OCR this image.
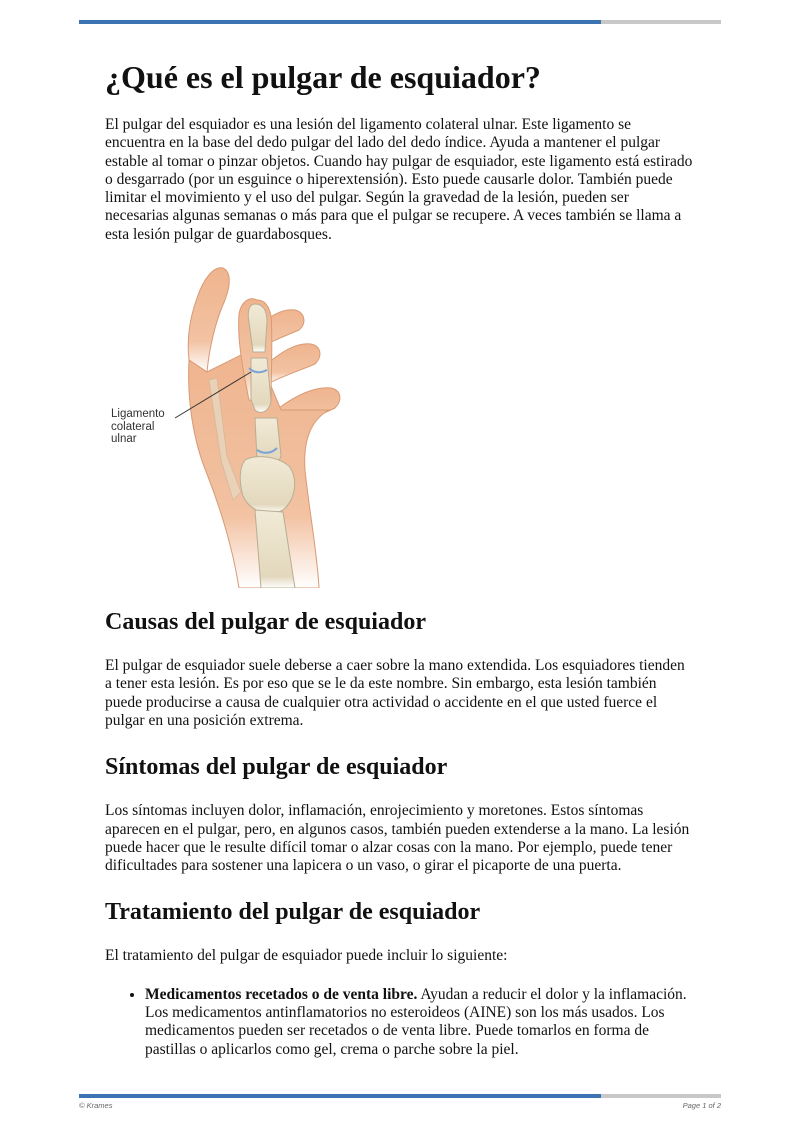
¿Qué es el pulgar de esquiador?

El pulgar del esquiador es una lesión del ligamento colateral ulnar. Este ligamento se encuentra en la base del dedo pulgar del lado del dedo índice. Ayuda a mantener el pulgar estable al tomar o pinzar objetos. Cuando hay pulgar de esquiador, este ligamento está estirado o desgarrado (por un esguince o hiperextensión). Esto puede causarle dolor. También puede limitar el movimiento y el uso del pulgar. Según la gravedad de la lesión, pueden ser necesarias algunas semanas o más para que el pulgar se recupere. A veces también se llama a esta lesión pulgar de guardabosques.

Ligamento
colateral
ulnar
Causas del pulgar de esquiador

El pulgar de esquiador suele deberse a caer sobre la mano extendida. Los esquiadores tienden a tener esta lesión. Es por eso que se le da este nombre. Sin embargo, esta lesión también puede producirse a causa de cualquier otra actividad o accidente en el que usted fuerce el pulgar en una posición extrema.

Síntomas del pulgar de esquiador

Los síntomas incluyen dolor, inflamación, enrojecimiento y moretones. Estos síntomas aparecen en el pulgar, pero, en algunos casos, también pueden extenderse a la mano. La lesión puede hacer que le resulte difícil tomar o alzar cosas con la mano. Por ejemplo, puede tener dificultades para sostener una lapicera o un vaso, o girar el picaporte de una puerta.

Tratamiento del pulgar de esquiador

El tratamiento del pulgar de esquiador puede incluir lo siguiente:

• Medicamentos recetados o de venta libre. Ayudan a reducir el dolor y la inflamación. Los medicamentos antinflamatorios no esteroideos (AINE) son los más usados. Los medicamentos pueden ser recetados o de venta libre. Puede tomarlos en forma de pastillas o aplicarlos como gel, crema o parche sobre la piel.
© Krames	Page 1 of 2
